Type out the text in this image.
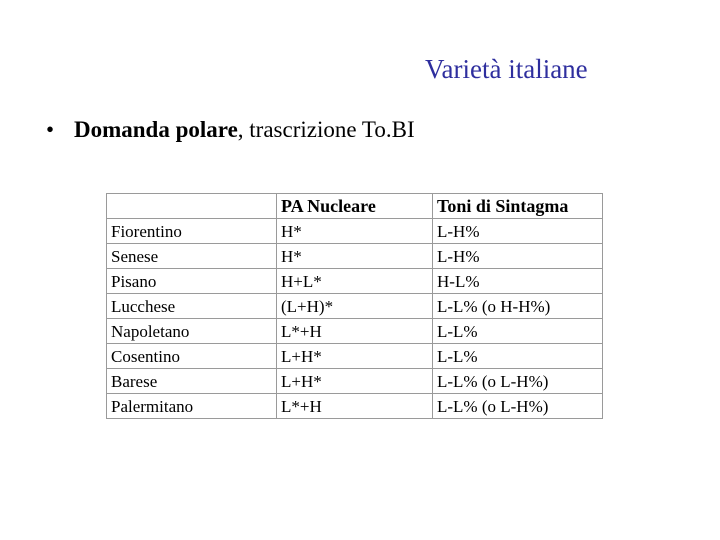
Varietà italiane
• Domanda polare, trascrizione To.BI
	PA Nucleare	Toni di Sintagma
Fiorentino	H*	L-H%
Senese	H*	L-H%
Pisano	H+L*	H-L%
Lucchese	(L+H)*	L-L% (o H-H%)
Napoletano	L*+H	L-L%
Cosentino	L+H*	L-L%
Barese	L+H*	L-L% (o L-H%)
Palermitano	L*+H	L-L% (o L-H%)
